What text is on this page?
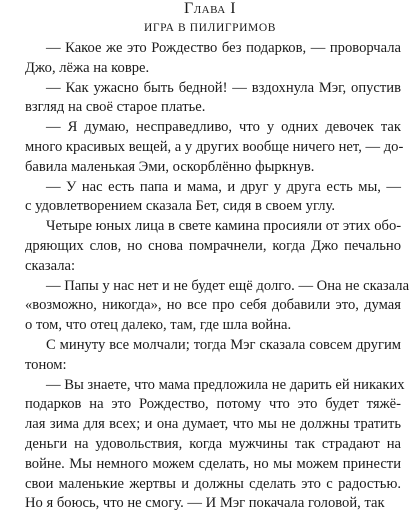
Глава I
ИГРА В ПИЛИГРИМОВ
— Какое же это Рождество без подарков, — проворчала
Джо, лёжа на ковре.
— Как ужасно быть бедной! — вздохнула Мэг, опустив
взгляд на своё старое платье.
— Я думаю, несправедливо, что у одних девочек так
много красивых вещей, а у других вообще ничего нет, — до-
бавила маленькая Эми, оскорблённо фыркнув.
— У нас есть папа и мама, и друг у друга есть мы, —
с удовлетворением сказала Бет, сидя в своем углу.
Четыре юных лица в свете камина просияли от этих обо-
дряющих слов, но снова помрачнели, когда Джо печально
сказала:
— Папы у нас нет и не будет ещё долго. — Она не сказала
«возможно, никогда», но все про себя добавили это, думая
о том, что отец далеко, там, где шла война.
С минуту все молчали; тогда Мэг сказала совсем другим
тоном:
— Вы знаете, что мама предложила не дарить ей никаких
подарков на это Рождество, потому что это будет тяжё-
лая зима для всех; и она думает, что мы не должны тратить
деньги на удовольствия, когда мужчины так страдают на
войне. Мы немного можем сделать, но мы можем принести
свои маленькие жертвы и должны сделать это с радостью.
Но я боюсь, что не смогу. — И Мэг покачала головой, так
